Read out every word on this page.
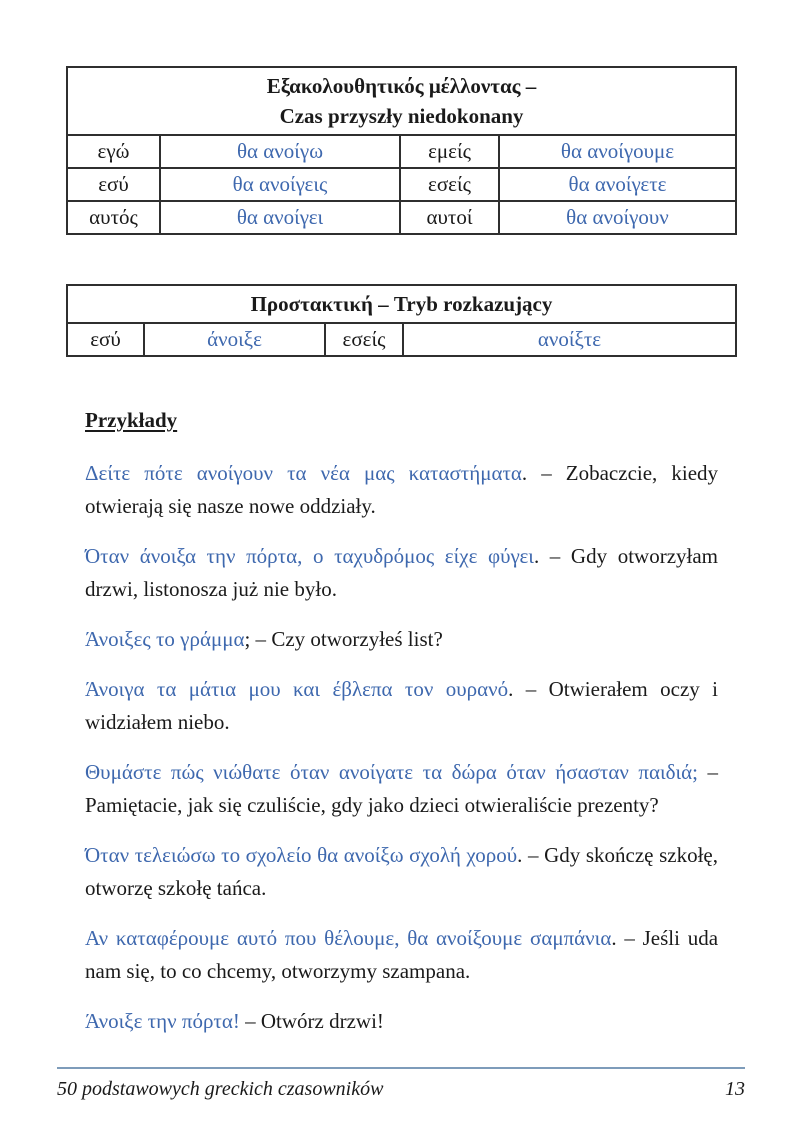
Εξακολουθητικός μέλλοντας –
Czas przyszły niedokonany			

εγώ	θα ανοίγω	εμείς	θα ανοίγουμε
εσύ	θα ανοίγεις	εσείς	θα ανοίγετε
αυτός	θα ανοίγει	αυτοί	θα ανοίγουν
Προστακτική – Tryb rozkazujący
εσύ	άνοιξε	εσείς	ανοίξτε
Przykłady

Δείτε πότε ανοίγουν τα νέα μας καταστήματα. – Zobaczcie, kiedy otwierają się nasze nowe oddziały.

Όταν άνοιξα την πόρτα, ο ταχυδρόμος είχε φύγει. – Gdy otworzyłam drzwi, listonosza już nie było.

Άνοιξες το γράμμα; – Czy otworzyłeś list?

Άνοιγα τα μάτια μου και έβλεπα τον ουρανό. – Otwierałem oczy i widziałem niebo.

Θυμάστε πώς νιώθατε όταν ανοίγατε τα δώρα όταν ήσασταν παιδιά; – Pamiętacie, jak się czuliście, gdy jako dzieci otwieraliście prezenty?

Όταν τελειώσω το σχολείο θα ανοίξω σχολή χορού. – Gdy skończę szkołę, otworzę szkołę tańca.

Αν καταφέρουμε αυτό που θέλουμε, θα ανοίξουμε σαμπάνια. – Jeśli uda nam się, to co chcemy, otworzymy szampana.

Άνοιξε την πόρτα! – Otwórz drzwi!

50 podstawowych greckich czasowników	13
